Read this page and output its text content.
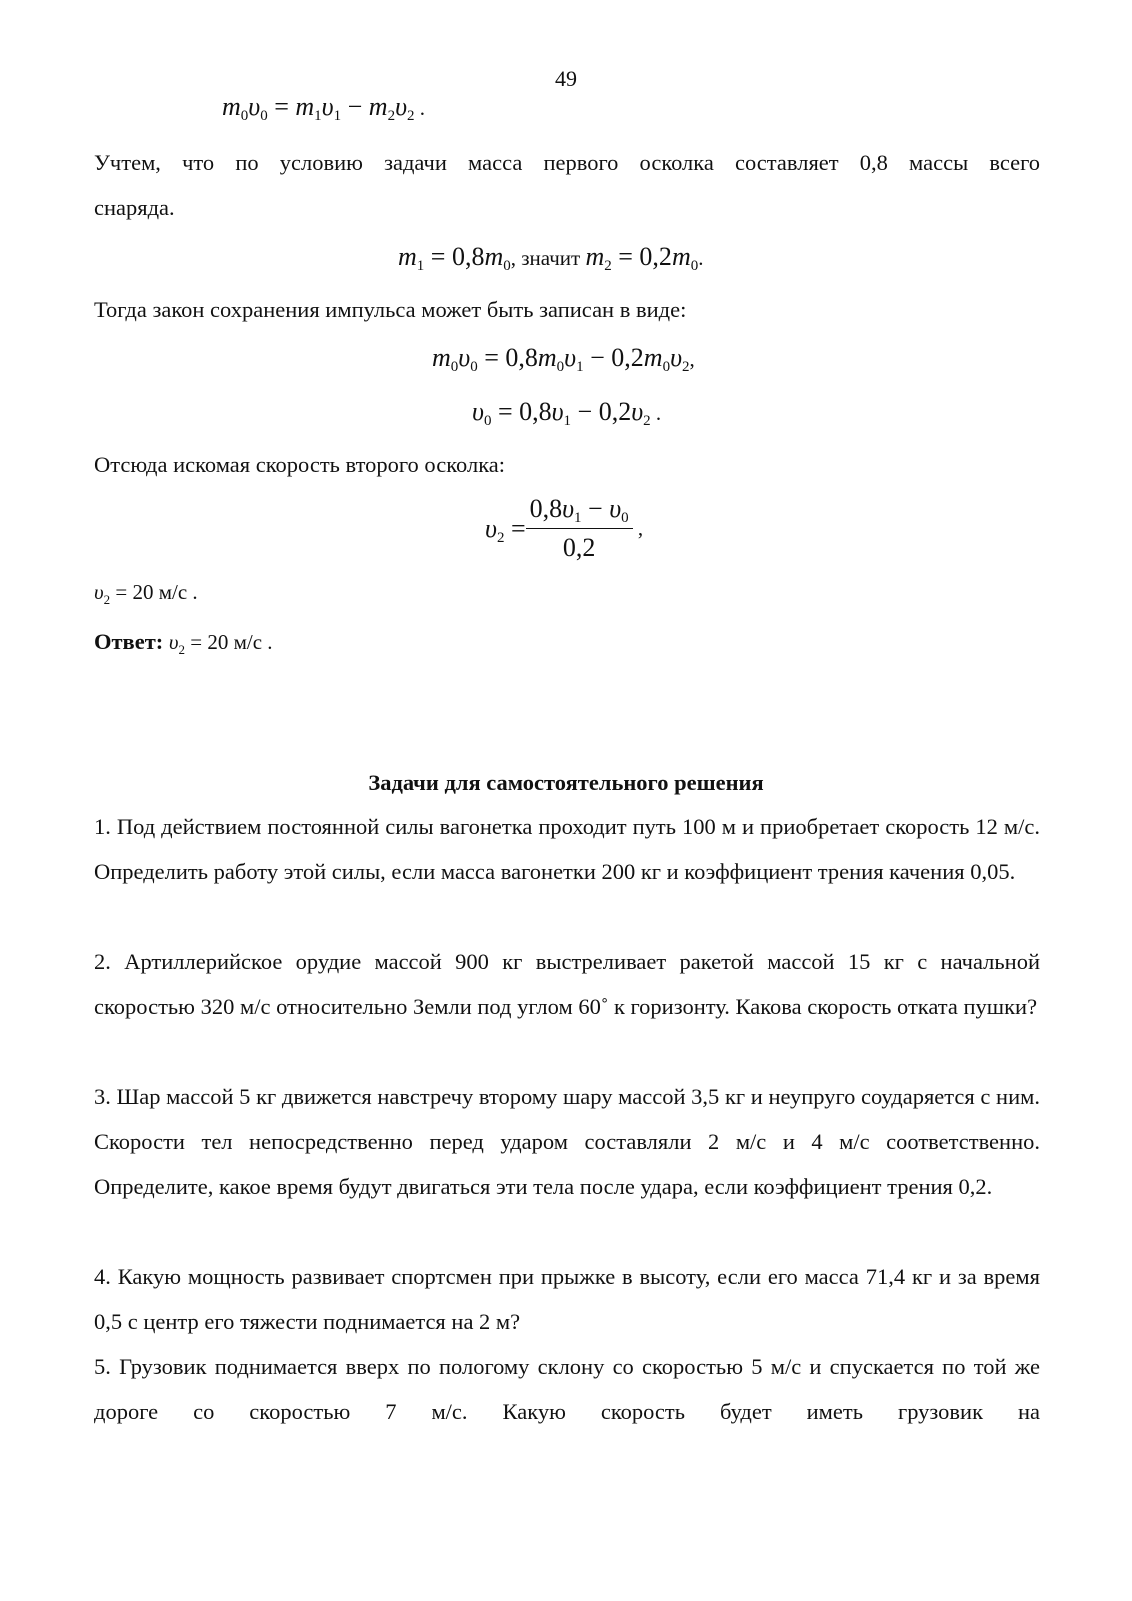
49
$m_0\upsilon_0 = m_1\upsilon_1 - m_2\upsilon_2$ .
Учтем, что по условию задачи масса первого осколка составляет 0,8 массы всего
снаряда.
$m_1 = 0,8m_0$, значит $m_2 = 0,2m_0$.
Тогда закон сохранения импульса может быть записан в виде:
$m_0\upsilon_0 = 0,8m_0\upsilon_1 - 0,2m_0\upsilon_2$,
$\upsilon_0 = 0,8\upsilon_1 - 0,2\upsilon_2$ .
Отсюда искомая скорость второго осколка:
$\upsilon_2 = \frac{0,8\upsilon_1 - \upsilon_0}{0,2}$ ,
$\upsilon_2 = 20$ м/с .
Ответ: $\upsilon_2 = 20$ м/с .
Задачи для самостоятельного решения
1. Под действием постоянной силы вагонетка проходит путь 100 м и приобретает скорость 12 м/с. Определить работу этой силы, если масса вагонетки 200 кг и коэффициент трения качения 0,05.
2. Артиллерийское орудие массой 900 кг выстреливает ракетой массой 15 кг с начальной скоростью 320 м/с относительно Земли под углом 60˚ к горизонту. Какова скорость отката пушки?
3. Шар массой 5 кг движется навстречу второму шару массой 3,5 кг и неупруго соударяется с ним. Скорости тел непосредственно перед ударом составляли 2 м/с и 4 м/с соответственно. Определите, какое время будут двигаться эти тела после удара, если коэффициент трения 0,2.
4. Какую мощность развивает спортсмен при прыжке в высоту, если его масса 71,4 кг и за время 0,5 с центр его тяжести поднимается на 2 м?
5. Грузовик поднимается вверх по пологому склону со скоростью 5 м/с и спускается по той же дороге со скоростью 7 м/с. Какую скорость будет иметь грузовик на
